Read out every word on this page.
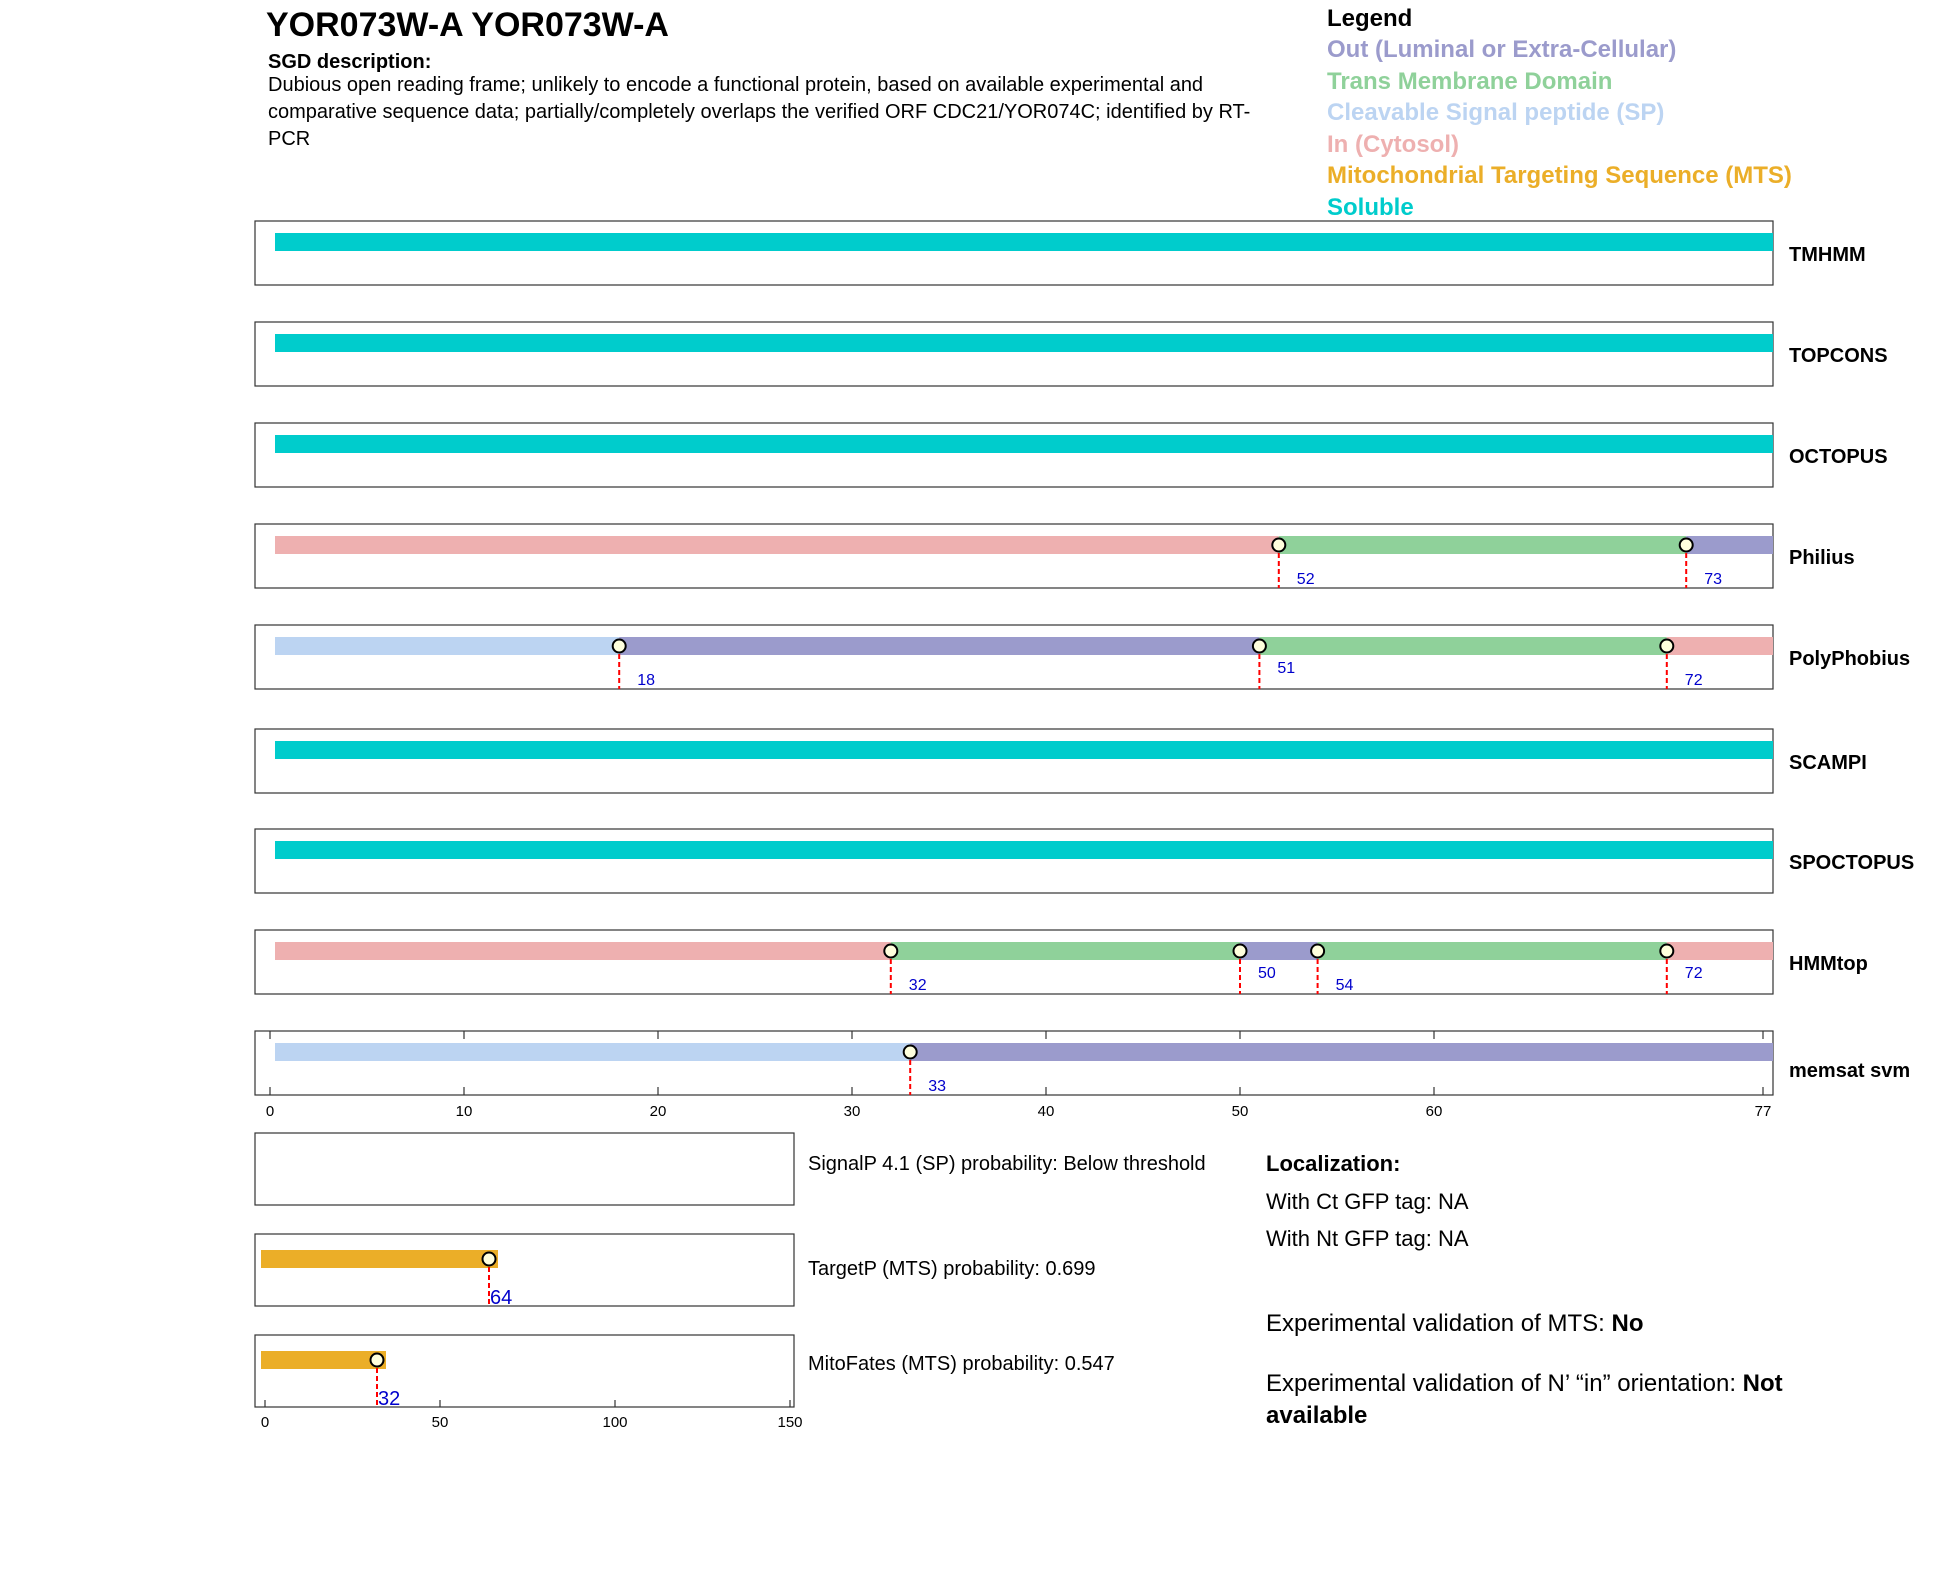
YOR073W-A YOR073W-A
SGD description:
Dubious open reading frame; unlikely to encode a functional protein, based on available experimental and comparative sequence data; partially/completely overlaps the verified ORF CDC21/YOR074C; identified by RT-PCR
Legend
Out (Luminal or Extra-Cellular)
Trans Membrane Domain
Cleavable Signal peptide (SP)
In (Cytosol)
Mitochondrial Targeting Sequence (MTS)
Soluble
TMHMM
TOPCONS
OCTOPUS
52	73
Philius
18
51
72
PolyPhobius
SCAMPI
SPOCTOPUS
32
50
54
72	HMMtop
33
memsat svm
0	10	20	30	40	50	60	77
64
32
0	50	100	150
SignalP 4.1 (SP) probability: Below threshold
TargetP (MTS) probability: 0.699
MitoFates (MTS) probability: 0.547
Localization:
With Ct GFP tag: NA
With Nt GFP tag: NA
Experimental validation of MTS: No
Experimental validation of N’ “in” orientation: Not available
